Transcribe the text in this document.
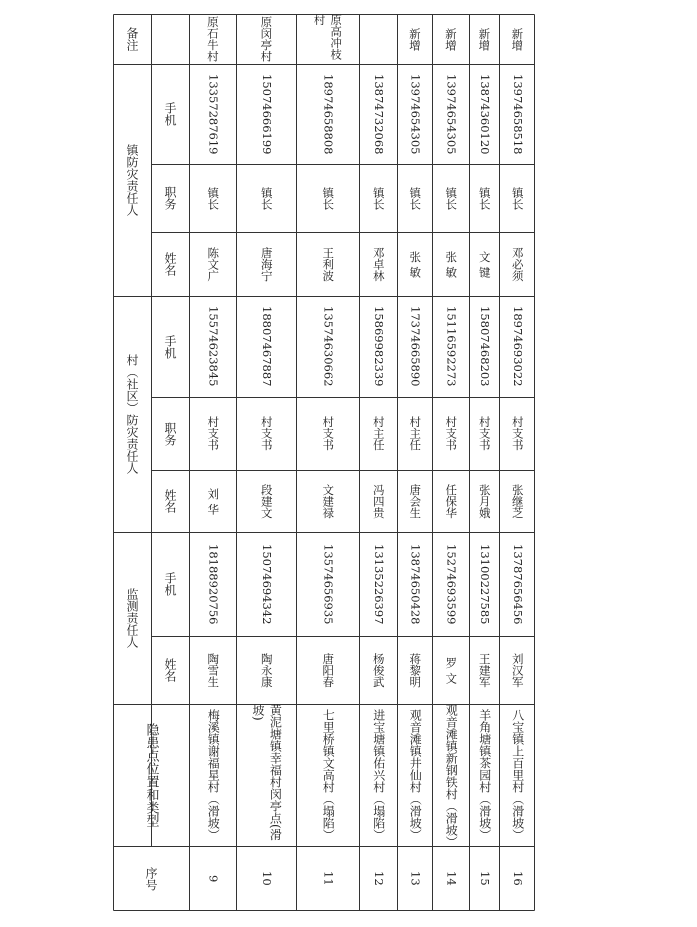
备注
镇防灾责任人
村（社区）防灾责任人
监测责任人
手机
职务
姓名
手机
职务
姓名
手机
姓名
隐患点位置和类型
序号
原石牛村
13357287619
镇长
陈文广
15574623845
村支书
刘 华
18188920756
陶雪生
梅溪镇谢福星村（滑坡）
9
原闵亭村
15074666199
镇长
唐海宁
18807467887
村支书
段建文
15074694342
陶永康
黄泥塘镇幸福村闵亭点(滑坡)
10
原高冲枝村
18974658808
镇长
王利波
13574630662
村支书
文建禄
13574656935
唐阳春
七里桥镇文高村（塌陷）
11
13874732068
镇长
邓卓林
15869982339
村主任
冯四贵
13135226397
杨俊武
进宝塘镇佑兴村（塌陷）
12
新增
13974654305
镇长
张 敏
17374665890
村主任
唐会生
13874650428
蒋黎明
观音滩镇井仙村（滑坡）
13
新增
13974654305
镇长
张 敏
15116592273
村支书
任保华
15274693599
罗 文
观音滩镇新钢铁村（滑坡）
14
新增
13874360120
镇长
文 键
15807468203
村支书
张月娥
13100227585
王建军
羊角塘镇茶园村（滑坡）
15
新增
13974658518
镇长
邓必须
18974693022
村支书
张继芝
13787656456
刘汉军
八宝镇上百里村（滑坡）
16
